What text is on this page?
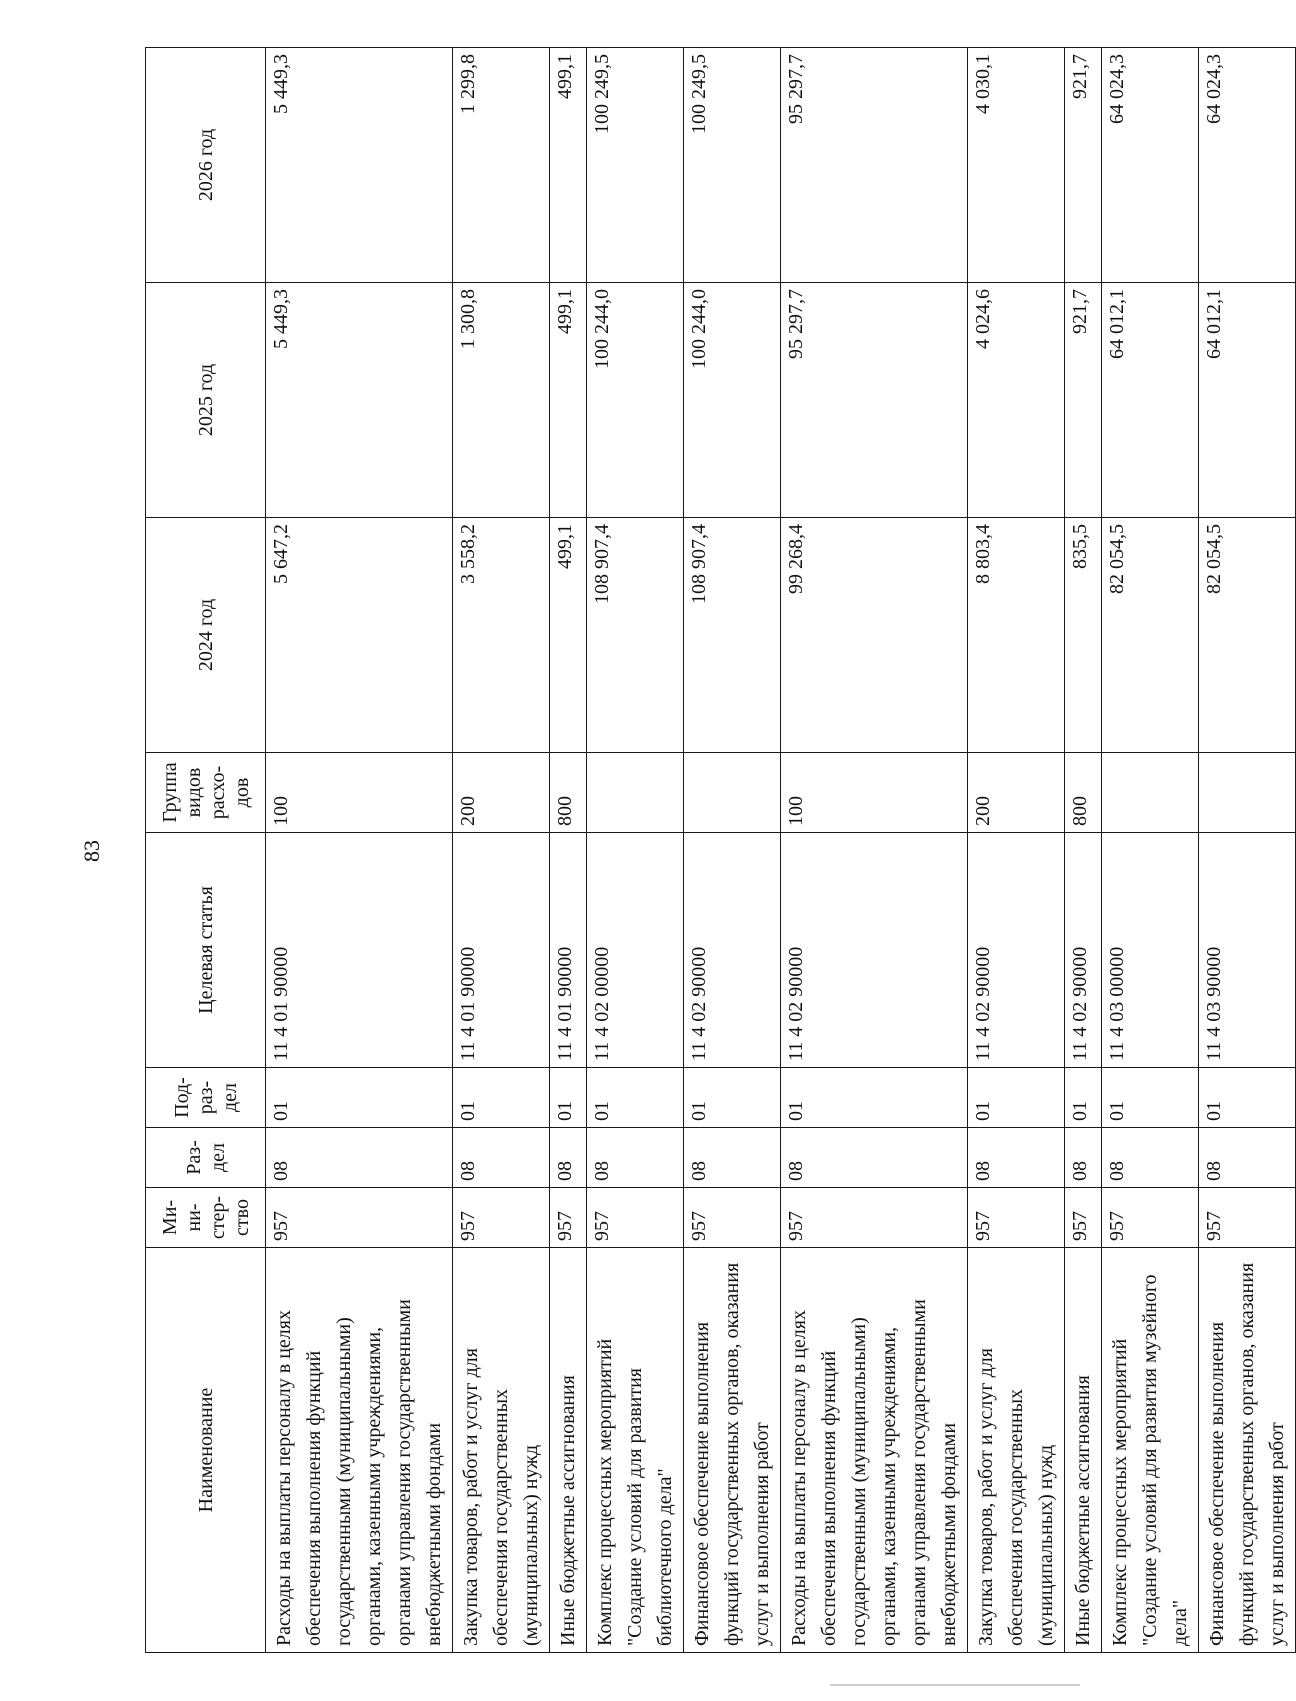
83
Наименование	Ми-
ни-
стер-
ство	Раз-
дел	Под-
раз-
дел	Целевая статья	Группа
видов
расхо-
дов	2024 год	2025 год	2026 год
Расходы на выплаты персоналу в целях обеспечения выполнения функций государственными (муниципальными) органами, казенными учреждениями, органами управления государственными внебюджетными фондами	957	08	01	11 4 01 90000	100	5 647,2	5 449,3	5 449,3
Закупка товаров, работ и услуг для обеспечения государственных (муниципальных) нужд	957	08	01	11 4 01 90000	200	3 558,2	1 300,8	1 299,8
Иные бюджетные ассигнования	957	08	01	11 4 01 90000	800	499,1	499,1	499,1
Комплекс процессных мероприятий "Создание условий для развития библиотечного дела"	957	08	01	11 4 02 00000		108 907,4	100 244,0	100 249,5
Финансовое обеспечение выполнения функций государственных органов, оказания услуг и выполнения работ	957	08	01	11 4 02 90000		108 907,4	100 244,0	100 249,5
Расходы на выплаты персоналу в целях обеспечения выполнения функций государственными (муниципальными) органами, казенными учреждениями, органами управления государственными внебюджетными фондами	957	08	01	11 4 02 90000	100	99 268,4	95 297,7	95 297,7
Закупка товаров, работ и услуг для обеспечения государственных (муниципальных) нужд	957	08	01	11 4 02 90000	200	8 803,4	4 024,6	4 030,1
Иные бюджетные ассигнования	957	08	01	11 4 02 90000	800	835,5	921,7	921,7
Комплекс процессных мероприятий "Создание условий для развития музейного дела"	957	08	01	11 4 03 00000		82 054,5	64 012,1	64 024,3
Финансовое обеспечение выполнения функций государственных органов, оказания услуг и выполнения работ	957	08	01	11 4 03 90000		82 054,5	64 012,1	64 024,3
